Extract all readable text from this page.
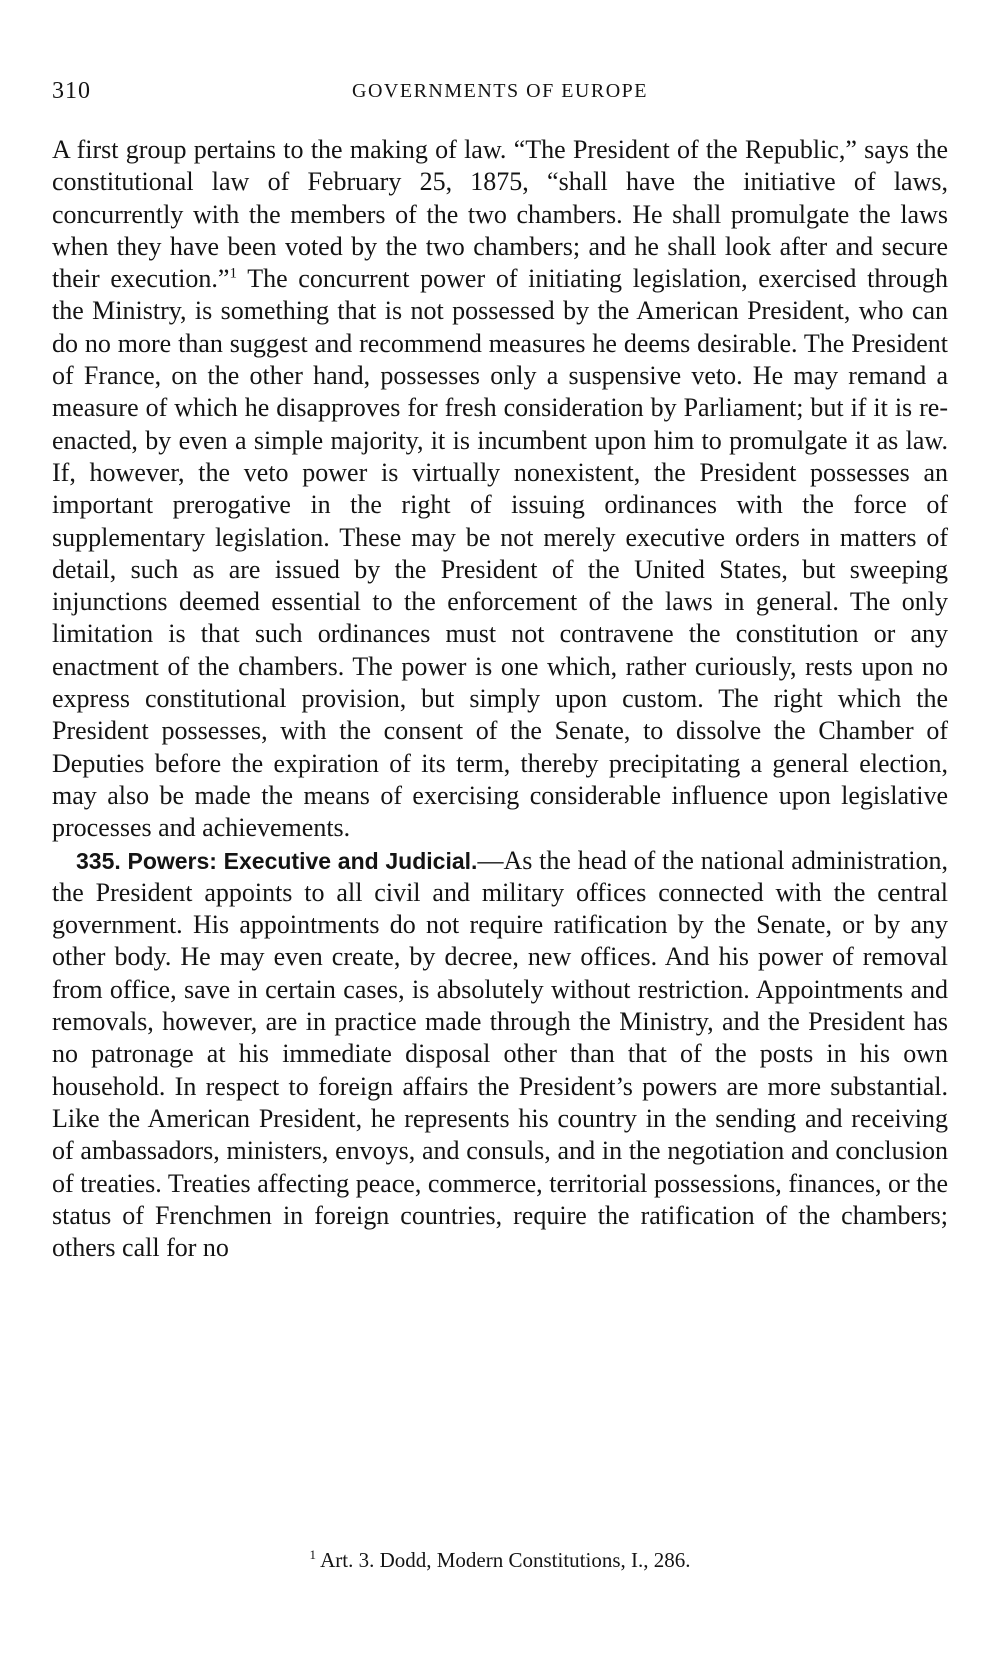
310	GOVERNMENTS OF EUROPE

A first group pertains to the making of law. “The President of the Republic,” says the constitutional law of February 25, 1875, “shall have the initiative of laws, concurrently with the members of the two chambers. He shall promulgate the laws when they have been voted by the two chambers; and he shall look after and secure their execution.”$^1$ The concurrent power of initiating legislation, exercised through the Ministry, is something that is not possessed by the American President, who can do no more than suggest and recommend measures he deems desirable. The President of France, on the other hand, possesses only a suspensive veto. He may remand a measure of which he disapproves for fresh consideration by Parliament; but if it is re-enacted, by even a simple majority, it is incumbent upon him to promulgate it as law. If, however, the veto power is virtually nonexistent, the President possesses an important prerogative in the right of issuing ordinances with the force of supplementary legislation. These may be not merely executive orders in matters of detail, such as are issued by the President of the United States, but sweeping injunctions deemed essential to the enforcement of the laws in general. The only limitation is that such ordinances must not contravene the constitution or any enactment of the chambers. The power is one which, rather curiously, rests upon no express constitutional provision, but simply upon custom. The right which the President possesses, with the consent of the Senate, to dissolve the Chamber of Deputies before the expiration of its term, thereby precipitating a general election, may also be made the means of exercising considerable influence upon legislative processes and achievements.

335. Powers: Executive and Judicial.—As the head of the national administration, the President appoints to all civil and military offices connected with the central government. His appointments do not require ratification by the Senate, or by any other body. He may even create, by decree, new offices. And his power of removal from office, save in certain cases, is absolutely without restriction. Appointments and removals, however, are in practice made through the Ministry, and the President has no patronage at his immediate disposal other than that of the posts in his own household. In respect to foreign affairs the President’s powers are more substantial. Like the American President, he represents his country in the sending and receiving of ambassadors, ministers, envoys, and consuls, and in the negotiation and conclusion of treaties. Treaties affecting peace, commerce, territorial possessions, finances, or the status of Frenchmen in foreign countries, require the ratification of the chambers; others call for no

$^1$ Art. 3. Dodd, Modern Constitutions, I., 286.
